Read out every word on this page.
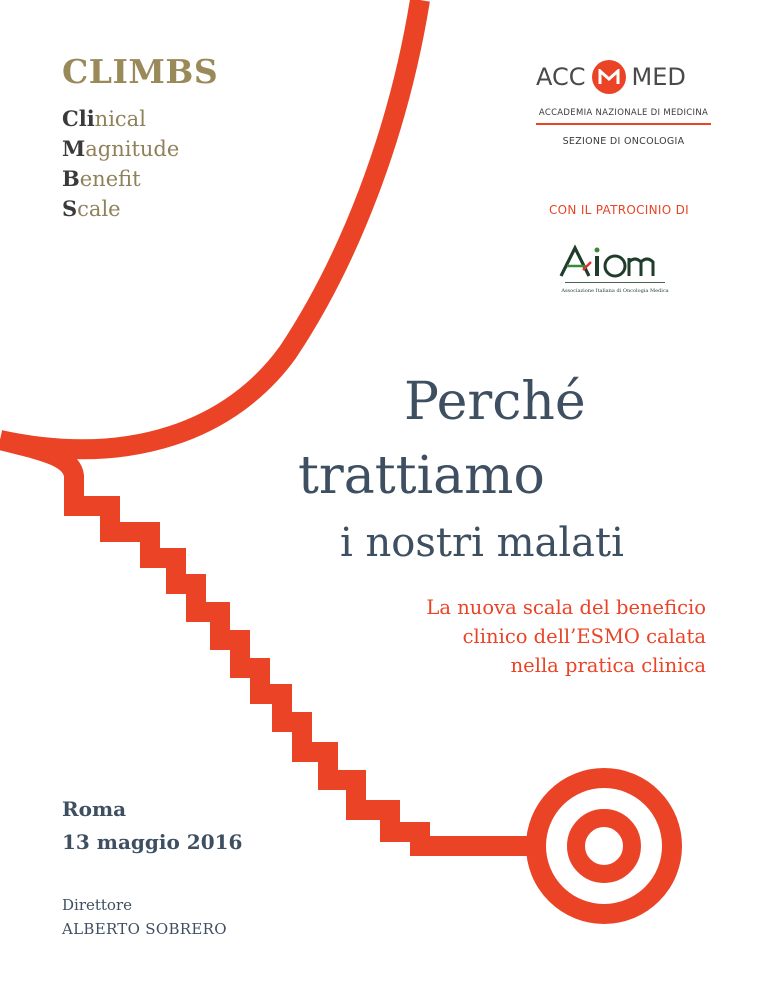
CLIMBS
Clinical
Magnitude
Benefit
Scale
ACC MED
ACCADEMIA NAZIONALE DI MEDICINA
SEZIONE DI ONCOLOGIA
CON IL PATROCINIO DI
Associazione Italiana di Oncologia Medica
Perché
trattiamo
i nostri malati
La nuova scala del beneficio
clinico dell’ESMO calata
nella pratica clinica
Roma
13 maggio 2016
Direttore
ALBERTO SOBRERO
